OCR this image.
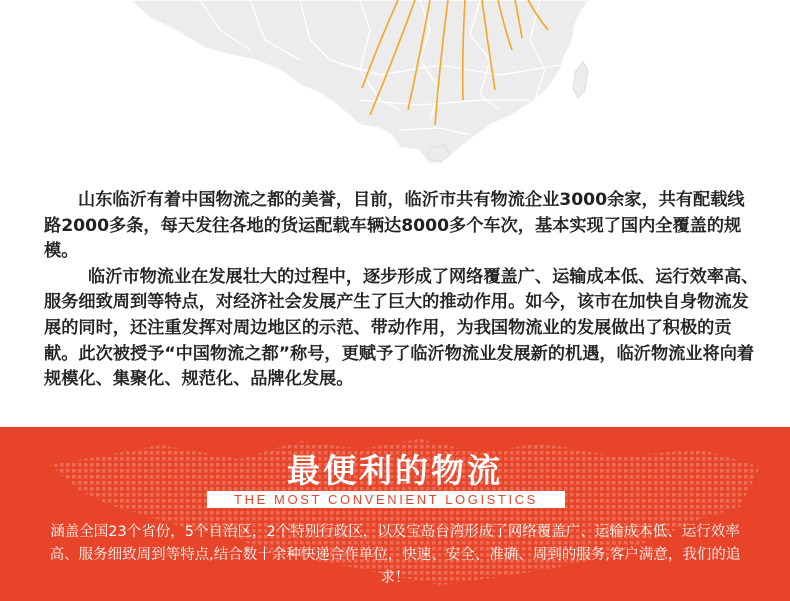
山东临沂有着中国物流之都的美誉，目前，临沂市共有物流企业3000余家，共有配载线路2000多条，每天发往各地的货运配载车辆达8000多个车次，基本实现了国内全覆盖的规模。

临沂市物流业在发展壮大的过程中，逐步形成了网络覆盖广、运输成本低、运行效率高、服务细致周到等特点，对经济社会发展产生了巨大的推动作用。如今，该市在加快自身物流发展的同时，还注重发挥对周边地区的示范、带动作用，为我国物流业的发展做出了积极的贡献。此次被授予“中国物流之都”称号，更赋予了临沂物流业发展新的机遇，临沂物流业将向着规模化、集聚化、规范化、品牌化发展。

最便利的物流
THE MOST CONVENIENT LOGISTICS
涵盖全国23个省份，5个自治区，2个特别行政区，以及宝岛台湾形成了网络覆盖广、运输成本低、运行效率高、服务细致周到等特点,结合数十余种快递合作单位，快速、安全、准确、周到的服务,客户满意，我们的追求！
